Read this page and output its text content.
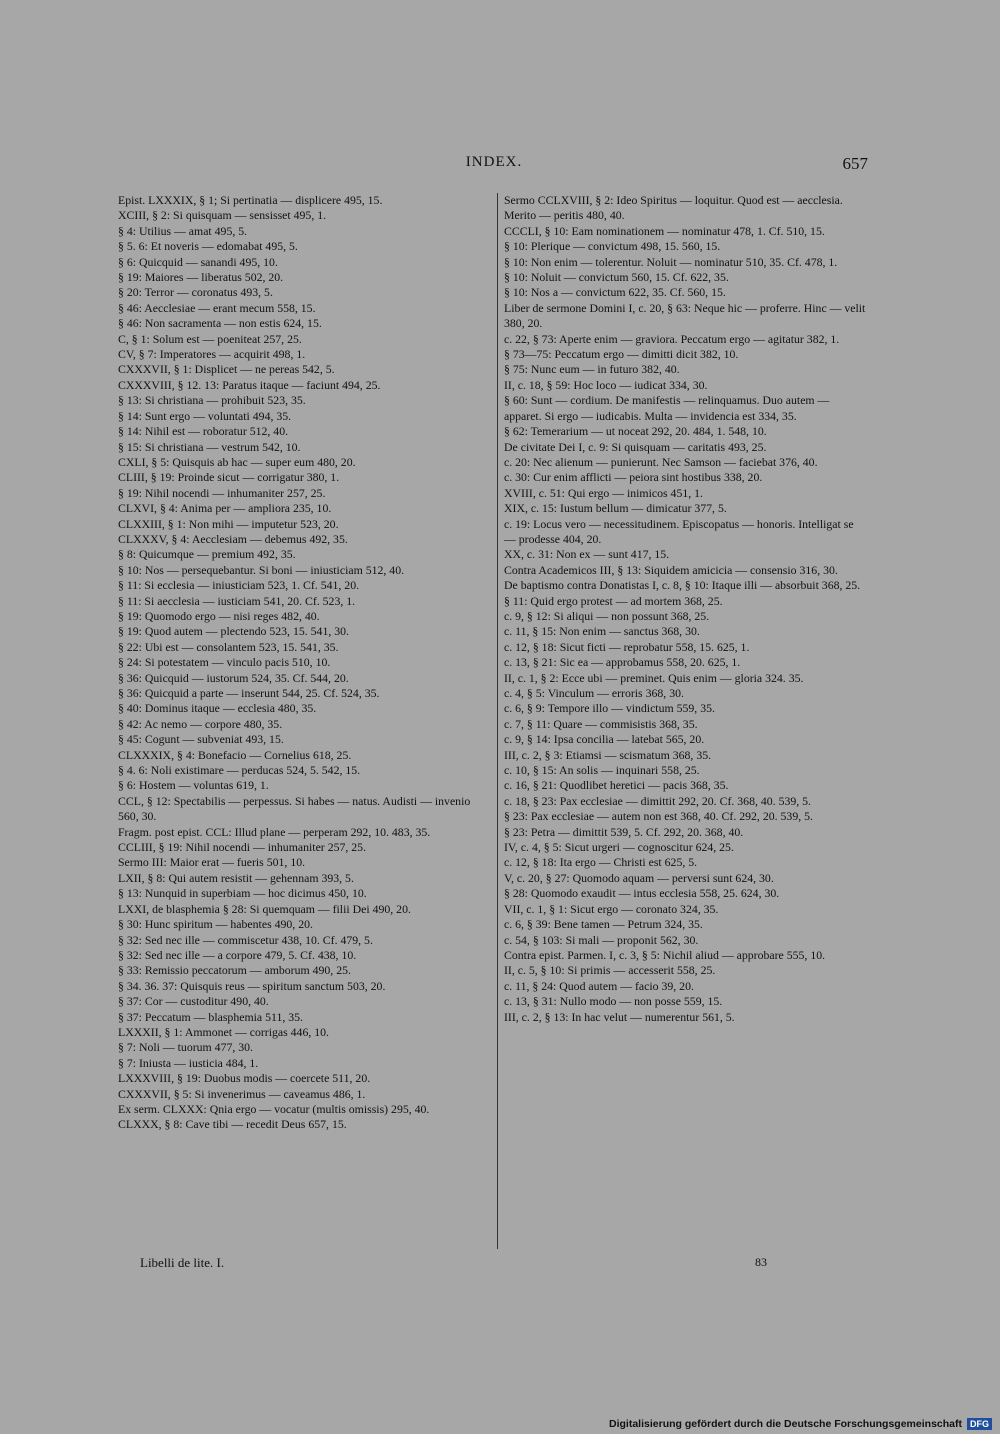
INDEX.	657
Epist. LXXXIX, § 1; Si pertinatia — displicere 495, 15.
XCIII, § 2: Si quisquam — sensisset 495, 1.
§ 4: Utilius — amat 495, 5.
§ 5. 6: Et noveris — edomabat 495, 5.
§ 6: Quicquid — sanandi 495, 10.
§ 19: Maiores — liberatus 502, 20.
§ 20: Terror — coronatus 493, 5.
§ 46: Aecclesiae — erant mecum 558, 15.
§ 46: Non sacramenta — non estis 624, 15.
C, § 1: Solum est — poeniteat 257, 25.
CV, § 7: Imperatores — acquirit 498, 1.
CXXXVII, § 1: Displicet — ne pereas 542, 5.
CXXXVIII, § 12. 13: Paratus itaque — faciunt 494, 25.
§ 13: Si christiana — prohibuit 523, 35.
§ 14: Sunt ergo — voluntati 494, 35.
§ 14: Nihil est — roboratur 512, 40.
§ 15: Si christiana — vestrum 542, 10.
CXLI, § 5: Quisquis ab hac — super eum 480, 20.
CLIII, § 19: Proinde sicut — corrigatur 380, 1.
§ 19: Nihil nocendi — inhumaniter 257, 25.
CLXVI, § 4: Anima per — ampliora 235, 10.
CLXXIII, § 1: Non mihi — imputetur 523, 20.
CLXXXV, § 4: Aecclesiam — debemus 492, 35.
§ 8: Quicumque — premium 492, 35.
§ 10: Nos — persequebantur. Si boni — iniusticiam 512, 40.
§ 11: Si ecclesia — iniusticiam 523, 1. Cf. 541, 20.
§ 11: Si aecclesia — iusticiam 541, 20. Cf. 523, 1.
§ 19: Quomodo ergo — nisi reges 482, 40.
§ 19: Quod autem — plectendo 523, 15. 541, 30.
§ 22: Ubi est — consolantem 523, 15. 541, 35.
§ 24: Si potestatem — vinculo pacis 510, 10.
§ 36: Quicquid — iustorum 524, 35. Cf. 544, 20.
§ 36: Quicquid a parte — inserunt 544, 25. Cf. 524, 35.
§ 40: Dominus itaque — ecclesia 480, 35.
§ 42: Ac nemo — corpore 480, 35.
§ 45: Cogunt — subveniat 493, 15.
CLXXXIX, § 4: Bonefacio — Cornelius 618, 25.
§ 4. 6: Noli existimare — perducas 524, 5. 542, 15.
§ 6: Hostem — voluntas 619, 1.
CCL, § 12: Spectabilis — perpessus. Si habes — natus. Audisti — invenio 560, 30.
Fragm. post epist. CCL: Illud plane — perperam 292, 10. 483, 35.
CCLIII, § 19: Nihil nocendi — inhumaniter 257, 25.
Sermo III: Maior erat — fueris 501, 10.
LXII, § 8: Qui autem resistit — gehennam 393, 5.
§ 13: Nunquid in superbiam — hoc dicimus 450, 10.
LXXI, de blasphemia § 28: Si quemquam — filii Dei 490, 20.
§ 30: Hunc spiritum — habentes 490, 20.
§ 32: Sed nec ille — commiscetur 438, 10. Cf. 479, 5.
§ 32: Sed nec ille — a corpore 479, 5. Cf. 438, 10.
§ 33: Remissio peccatorum — amborum 490, 25.
§ 34. 36. 37: Quisquis reus — spiritum sanctum 503, 20.
§ 37: Cor — custoditur 490, 40.
§ 37: Peccatum — blasphemia 511, 35.
LXXXII, § 1: Ammonet — corrigas 446, 10.
§ 7: Noli — tuorum 477, 30.
§ 7: Iniusta — iusticia 484, 1.
LXXXVIII, § 19: Duobus modis — coercete 511, 20.
CXXXVII, § 5: Si invenerimus — caveamus 486, 1.
Ex serm. CLXXX: Qnia ergo — vocatur (multis omissis) 295, 40.
CLXXX, § 8: Cave tibi — recedit Deus 657, 15.
Sermo CCLXVIII, § 2: Ideo Spiritus — loquitur. Quod est — aecclesia. Merito — peritis 480, 40.
CCCLI, § 10: Eam nominationem — nominatur 478, 1. Cf. 510, 15.
§ 10: Plerique — convictum 498, 15. 560, 15.
§ 10: Non enim — tolerentur. Noluit — nominatur 510, 35. Cf. 478, 1.
§ 10: Noluit — convictum 560, 15. Cf. 622, 35.
§ 10: Nos a — convictum 622, 35. Cf. 560, 15.
Liber de sermone Domini I, c. 20, § 63: Neque hic — proferre. Hinc — velit 380, 20.
c. 22, § 73: Aperte enim — graviora. Peccatum ergo — agitatur 382, 1.
§ 73—75: Peccatum ergo — dimitti dicit 382, 10.
§ 75: Nunc eum — in futuro 382, 40.
II, c. 18, § 59: Hoc loco — iudicat 334, 30.
§ 60: Sunt — cordium. De manifestis — relinquamus. Duo autem — apparet. Si ergo — iudicabis. Multa — invidencia est 334, 35.
§ 62: Temerarium — ut noceat 292, 20. 484, 1. 548, 10.
De civitate Dei I, c. 9: Si quisquam — caritatis 493, 25.
c. 20: Nec alienum — punierunt. Nec Samson — faciebat 376, 40.
c. 30: Cur enim afflicti — peiora sint hostibus 338, 20.
XVIII, c. 51: Qui ergo — inimicos 451, 1.
XIX, c. 15: Iustum bellum — dimicatur 377, 5.
c. 19: Locus vero — necessitudinem. Episcopatus — honoris. Intelligat se — prodesse 404, 20.
XX, c. 31: Non ex — sunt 417, 15.
Contra Academicos III, § 13: Siquidem amicicia — consensio 316, 30.
De baptismo contra Donatistas I, c. 8, § 10: Itaque illi — absorbuit 368, 25.
§ 11: Quid ergo protest — ad mortem 368, 25.
c. 9, § 12: Si aliqui — non possunt 368, 25.
c. 11, § 15: Non enim — sanctus 368, 30.
c. 12, § 18: Sicut ficti — reprobatur 558, 15. 625, 1.
c. 13, § 21: Sic ea — approbamus 558, 20. 625, 1.
II, c. 1, § 2: Ecce ubi — preminet. Quis enim — gloria 324. 35.
c. 4, § 5: Vinculum — erroris 368, 30.
c. 6, § 9: Tempore illo — vindictum 559, 35.
c. 7, § 11: Quare — commisistis 368, 35.
c. 9, § 14: Ipsa concilia — latebat 565, 20.
III, c. 2, § 3: Etiamsi — scismatum 368, 35.
c. 10, § 15: An solis — inquinari 558, 25.
c. 16, § 21: Quodlibet heretici — pacis 368, 35.
c. 18, § 23: Pax ecclesiae — dimittit 292, 20. Cf. 368, 40. 539, 5.
§ 23: Pax ecclesiae — autem non est 368, 40. Cf. 292, 20. 539, 5.
§ 23: Petra — dimittit 539, 5. Cf. 292, 20. 368, 40.
IV, c. 4, § 5: Sicut urgeri — cognoscitur 624, 25.
c. 12, § 18: Ita ergo — Christi est 625, 5.
V, c. 20, § 27: Quomodo aquam — perversi sunt 624, 30.
§ 28: Quomodo exaudit — intus ecclesia 558, 25. 624, 30.
VII, c. 1, § 1: Sicut ergo — coronato 324, 35.
c. 6, § 39: Bene tamen — Petrum 324, 35.
c. 54, § 103: Si mali — proponit 562, 30.
Contra epist. Parmen. I, c. 3, § 5: Nichil aliud — approbare 555, 10.
II, c. 5, § 10: Si primis — accesserit 558, 25.
c. 11, § 24: Quod autem — facio 39, 20.
c. 13, § 31: Nullo modo — non posse 559, 15.
III, c. 2, § 13: In hac velut — numerentur 561, 5.
Libelli de lite. I.	83
Digitalisierung gefördert durch die Deutsche Forschungsgemeinschaft DFG
